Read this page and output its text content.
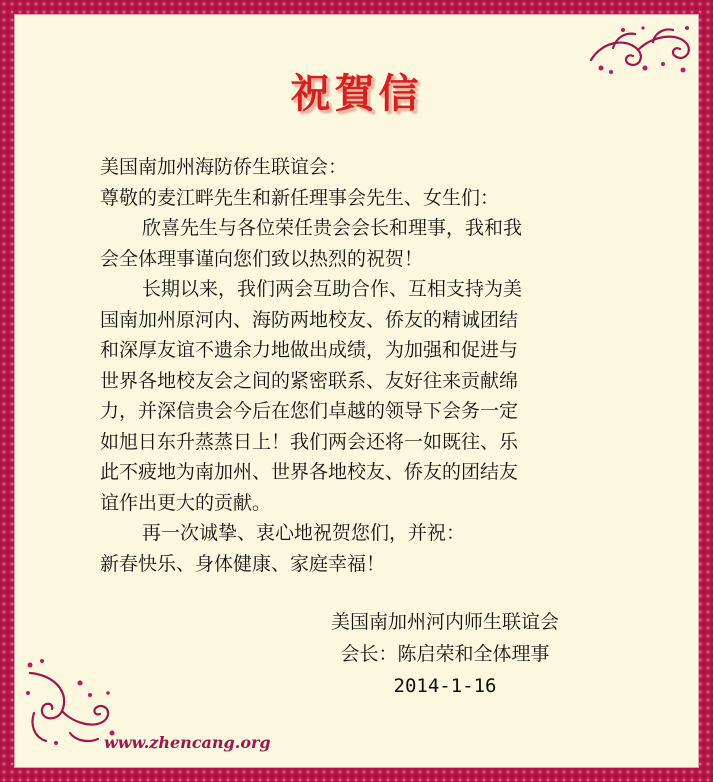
祝賀信
美国南加州海防侨生联谊会：
尊敬的麦江畔先生和新任理事会先生、女生们：
欣喜先生与各位荣任贵会会长和理事，我和我
会全体理事谨向您们致以热烈的祝贺！
长期以来，我们两会互助合作、互相支持为美
国南加州原河内、海防两地校友、侨友的精诚团结
和深厚友谊不遗余力地做出成绩，为加强和促进与
世界各地校友会之间的紧密联系、友好往来贡献绵
力，并深信贵会今后在您们卓越的领导下会务一定
如旭日东升蒸蒸日上！我们两会还将一如既往、乐
此不疲地为南加州、世界各地校友、侨友的团结友
谊作出更大的贡献。
再一次诚挚、衷心地祝贺您们，并祝：
新春快乐、身体健康、家庭幸福！
美国南加州河内师生联谊会
会长：陈启荣和全体理事
2014-1-16
www.zhencang.org
